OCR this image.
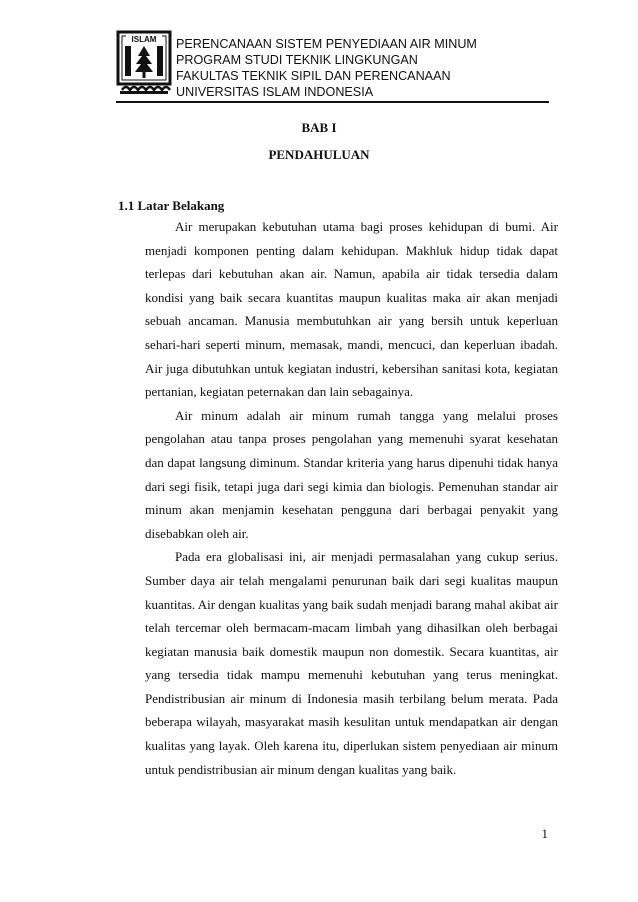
ISLAM PERENCANAAN SISTEM PENYEDIAAN AIR MINUM
PROGRAM STUDI TEKNIK LINGKUNGAN
FAKULTAS TEKNIK SIPIL DAN PERENCANAAN
UNIVERSITAS ISLAM INDONESIA
BAB I
PENDAHULUAN
1.1 Latar Belakang

Air merupakan kebutuhan utama bagi proses kehidupan di bumi. Air menjadi komponen penting dalam kehidupan. Makhluk hidup tidak dapat terlepas dari kebutuhan akan air. Namun, apabila air tidak tersedia dalam kondisi yang baik secara kuantitas maupun kualitas maka air akan menjadi sebuah ancaman. Manusia membutuhkan air yang bersih untuk keperluan sehari-hari seperti minum, memasak, mandi, mencuci, dan keperluan ibadah. Air juga dibutuhkan untuk kegiatan industri, kebersihan sanitasi kota, kegiatan pertanian, kegiatan peternakan dan lain sebagainya.

Air minum adalah air minum rumah tangga yang melalui proses pengolahan atau tanpa proses pengolahan yang memenuhi syarat kesehatan dan dapat langsung diminum. Standar kriteria yang harus dipenuhi tidak hanya dari segi fisik, tetapi juga dari segi kimia dan biologis. Pemenuhan standar air minum akan menjamin kesehatan pengguna dari berbagai penyakit yang disebabkan oleh air.

Pada era globalisasi ini, air menjadi permasalahan yang cukup serius. Sumber daya air telah mengalami penurunan baik dari segi kualitas maupun kuantitas. Air dengan kualitas yang baik sudah menjadi barang mahal akibat air telah tercemar oleh bermacam-macam limbah yang dihasilkan oleh berbagai kegiatan manusia baik domestik maupun non domestik. Secara kuantitas, air yang tersedia tidak mampu memenuhi kebutuhan yang terus meningkat. Pendistribusian air minum di Indonesia masih terbilang belum merata. Pada beberapa wilayah, masyarakat masih kesulitan untuk mendapatkan air dengan kualitas yang layak. Oleh karena itu, diperlukan sistem penyediaan air minum untuk pendistribusian air minum dengan kualitas yang baik.

1
